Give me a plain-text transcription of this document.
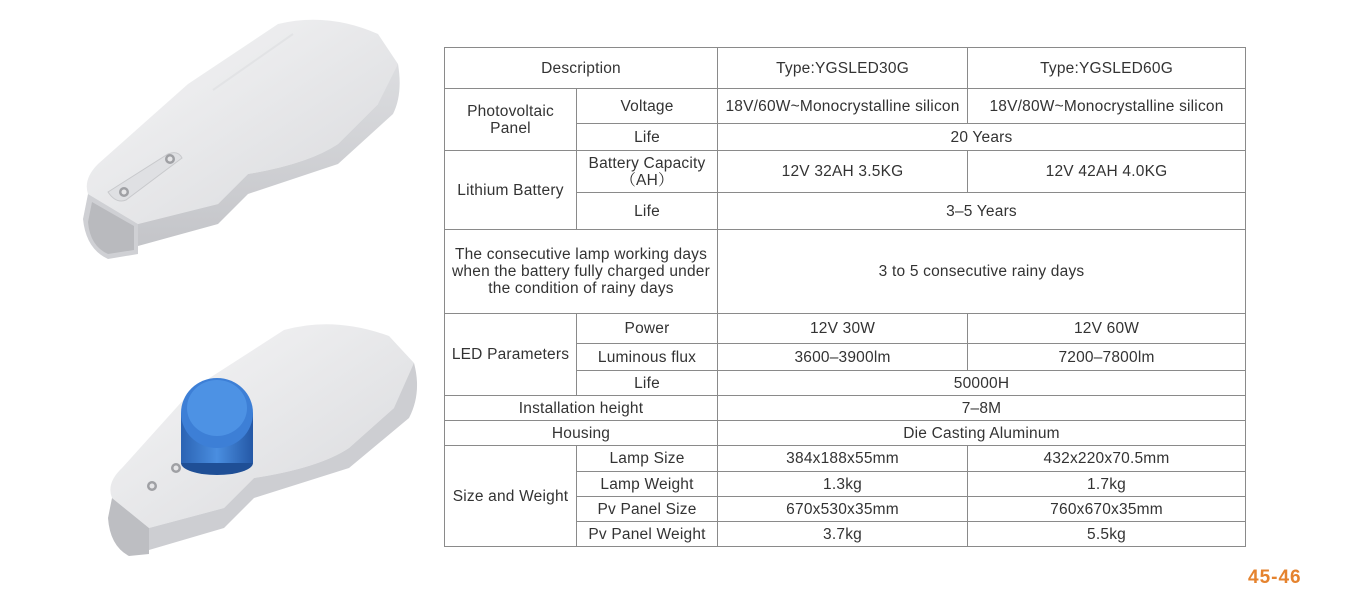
Description		Type:YGSLED30G	Type:YGSLED60G
Photovoltaic Panel	Voltage	18V/60W~Monocrystalline silicon	18V/80W~Monocrystalline silicon
	Life	20 Years	
Lithium Battery	Battery Capacity （AH）	12V 32AH 3.5KG	12V 42AH 4.0KG
	Life	3–5 Years	
The consecutive lamp working days when the battery fully charged under the condition of rainy days		3 to 5 consecutive rainy days	
LED Parameters	Power	12V 30W	12V 60W
	Luminous flux	3600–3900lm	7200–7800lm
	Life	50000H	
Installation height		7–8M	
Housing		Die Casting Aluminum	
Size and Weight	Lamp Size	384x188x55mm	432x220x70.5mm
	Lamp Weight	1.3kg	1.7kg
	Pv Panel Size	670x530x35mm	760x670x35mm
	Pv Panel Weight	3.7kg	5.5kg
45-46
